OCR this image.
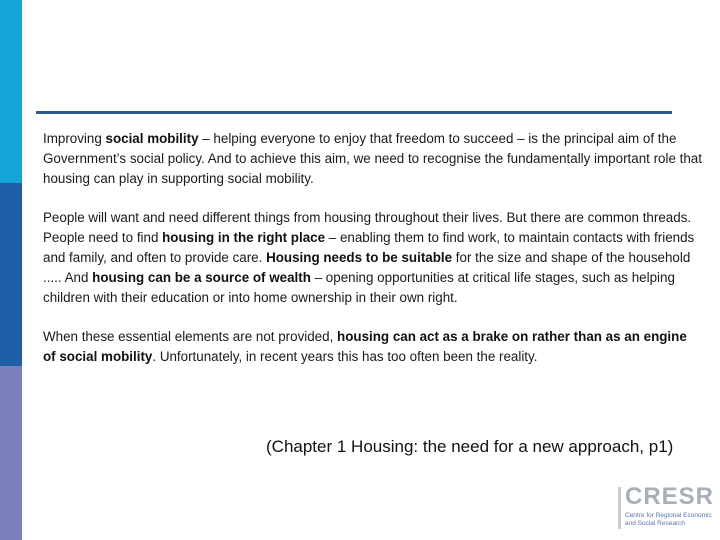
Improving social mobility – helping everyone to enjoy that freedom to succeed – is the principal aim of the Government’s social policy. And to achieve this aim, we need to recognise the fundamentally important role that housing can play in supporting social mobility.

People will want and need different things from housing throughout their lives. But there are common threads. People need to find housing in the right place – enabling them to find work, to maintain contacts with friends and family, and often to provide care. Housing needs to be suitable for the size and shape of the household ..... And housing can be a source of wealth – opening opportunities at critical life stages, such as helping children with their education or into home ownership in their own right.

When these essential elements are not provided, housing can act as a brake on rather than as an engine of social mobility. Unfortunately, in recent years this has too often been the reality.

(Chapter 1 Housing: the need for a new approach, p1)
CRESR
Centre for Regional Economic
and Social Research
